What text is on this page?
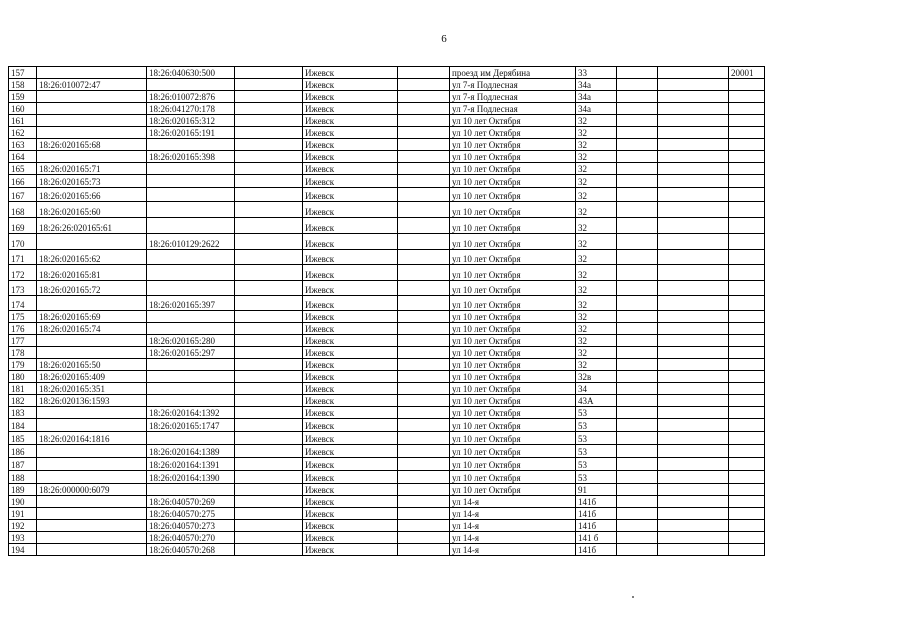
6
157		18:26:040630:500		Ижевск		проезд им Дерябина	33			20001
158	18:26:010072:47			Ижевск		ул 7-я Подлесная	34а			
159		18:26:010072:876		Ижевск		ул 7-я Подлесная	34а			
160		18:26:041270:178		Ижевск		ул 7-я Подлесная	34а			
161		18:26:020165:312		Ижевск		ул 10 лет Октября	32			
162		18:26:020165:191		Ижевск		ул 10 лет Октября	32			
163	18:26:020165:68			Ижевск		ул 10 лет Октября	32			
164		18:26:020165:398		Ижевск		ул 10 лет Октября	32			
165	18:26:020165:71			Ижевск		ул 10 лет Октября	32			
166	18:26:020165:73			Ижевск		ул 10 лет Октября	32			
167	18:26:020165:66			Ижевск		ул 10 лет Октября	32			
168	18:26:020165:60			Ижевск		ул 10 лет Октября	32			
169	18:26:26:020165:61			Ижевск		ул 10 лет Октября	32			
170		18:26:010129:2622		Ижевск		ул 10 лет Октября	32			
171	18:26:020165:62			Ижевск		ул 10 лет Октября	32			
172	18:26:020165:81			Ижевск		ул 10 лет Октября	32			
173	18:26:020165:72			Ижевск		ул 10 лет Октября	32			
174		18:26:020165:397		Ижевск		ул 10 лет Октября	32			
175	18:26:020165:69			Ижевск		ул 10 лет Октября	32			
176	18:26:020165:74			Ижевск		ул 10 лет Октября	32			
177		18:26:020165:280		Ижевск		ул 10 лет Октября	32			
178		18:26:020165:297		Ижевск		ул 10 лет Октября	32			
179	18:26:020165:50			Ижевск		ул 10 лет Октября	32			
180	18:26:020165:409			Ижевск		ул 10 лет Октября	32в			
181	18:26:020165:351			Ижевск		ул 10 лет Октября	34			
182	18:26:020136:1593			Ижевск		ул 10 лет Октября	43А			
183		18:26:020164:1392		Ижевск		ул 10 лет Октября	53			
184		18:26:020165:1747		Ижевск		ул 10 лет Октября	53			
185	18:26:020164:1816			Ижевск		ул 10 лет Октября	53			
186		18:26:020164:1389		Ижевск		ул 10 лет Октября	53			
187		18:26:020164:1391		Ижевск		ул 10 лет Октября	53			
188		18:26:020164:1390		Ижевск		ул 10 лет Октября	53			
189	18:26:000000:6079			Ижевск		ул 10 лет Октября	91			
190		18:26:040570:269		Ижевск		ул 14-я	141б			
191		18:26:040570:275		Ижевск		ул 14-я	141б			
192		18:26:040570:273		Ижевск		ул 14-я	141б			
193		18:26:040570:270		Ижевск		ул 14-я	141 б			
194		18:26:040570:268		Ижевск		ул 14-я	141б			
